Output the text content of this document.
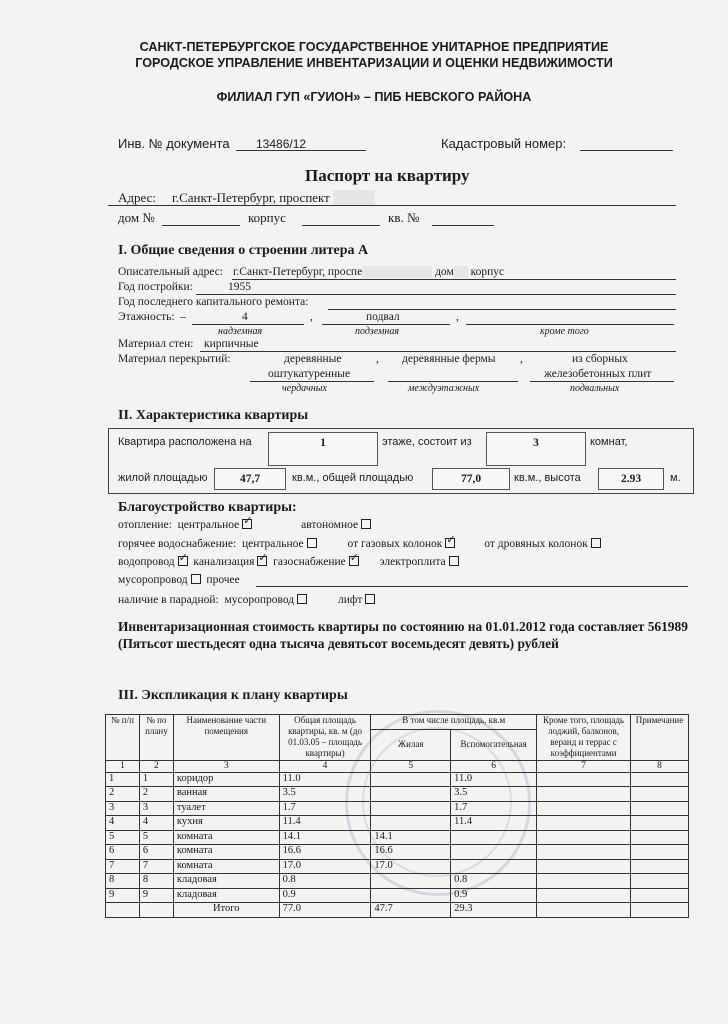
САНКТ-ПЕТЕРБУРГСКОЕ ГОСУДАРСТВЕННОЕ УНИТАРНОЕ ПРЕДПРИЯТИЕ
ГОРОДСКОЕ УПРАВЛЕНИЕ ИНВЕНТАРИЗАЦИИ И ОЦЕНКИ НЕДВИЖИМОСТИ
ФИЛИАЛ ГУП «ГУИОН» – ПИБ НЕВСКОГО РАЙОНА
Инв. № документа 13486/12	Кадастровый номер:
Паспорт на квартиру
Адрес: г.Санкт-Петербург, проспект
дом №	корпус	кв. №
I. Общие сведения о строении литера А
Описательный адрес: г.Санкт-Петербург, проспе	дом корпус
Год постройки:	1955
Год последнего капитального ремонта:
Этажность: –	4	,	подвал	,
надземная	подземная	кроме того
Материал стен: кирпичные
Материал перекрытий:	деревянные
оштукатуренные
, деревянные фермы ,	из сборных
железобетонных плит
чердачных	междуэтажных	подвальных
II. Характеристика квартиры
Квартира расположена на	1	этаже, состоит из	3	комнат,
жилой площадью	47,7	кв.м., общей площадью	77,0	кв.м., высота	2.93	м.
Благоустройство квартиры:
отопление: центральное ✓	автономное
горячее водоснабжение: центральное	от газовых колонок ✓	от дровяных колонок
водопровод ✓ канализация ✓ газоснабжение ✓	электроплита
мусоропровод прочее
наличие в парадной: мусоропровод	лифт
Инвентаризационная стоимость квартиры по состоянию на 01.01.2012 года составляет 561989 (Пятьсот шестьдесят одна тысяча девятьсот восемьдесят девять) рублей
III. Экспликация к плану квартиры
№ п/п	№ по плану	Наименование части помещения	Общая площадь квартиры, кв. м (до 01.03.05 – площадь квартиры)	В том числе площадь, кв.м		Кроме того, площадь лоджий, балконов, веранд и террас с коэффициентами	Примечание
				Жилая	Вспомогательная		
1	2	3	4	5	6	7	8
1	1	коридор	11.0		11.0		
2	2	ванная	3.5		3.5		
3	3	туалет	1.7		1.7		
4	4	кухня	11.4		11.4		
5	5	комната	14.1	14.1			
6	6	комната	16.6	16.6			
7	7	комната	17.0	17.0			
8	8	кладовая	0.8		0.8		
9	9	кладовая	0.9		0.9		
		Итого	77.0	47.7	29.3		
